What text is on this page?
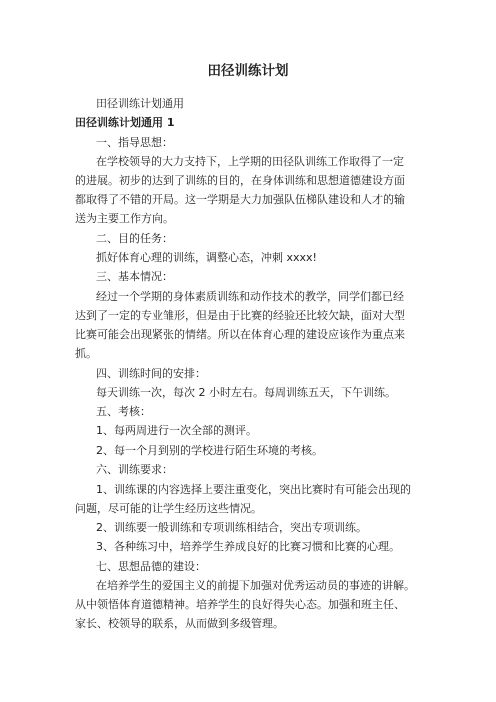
田径训练计划
田径训练计划通用
田径训练计划通用 1
一、指导思想：
在学校领导的大力支持下，上学期的田径队训练工作取得了一定
的进展。初步的达到了训练的目的，在身体训练和思想道德建设方面
都取得了不错的开局。这一学期是大力加强队伍梯队建设和人才的输
送为主要工作方向。
二、目的任务：
抓好体育心理的训练，调整心态，冲刺 xxxx!
三、基本情况：
经过一个学期的身体素质训练和动作技术的教学，同学们都已经
达到了一定的专业雏形，但是由于比赛的经验还比较欠缺，面对大型
比赛可能会出现紧张的情绪。所以在体育心理的建设应该作为重点来
抓。
四、训练时间的安排：
每天训练一次，每次 2 小时左右。每周训练五天，下午训练。
五、考核：
1、每两周进行一次全部的测评。
2、每一个月到别的学校进行陌生环境的考核。
六、训练要求：
1、训练课的内容选择上要注重变化，突出比赛时有可能会出现的
问题，尽可能的让学生经历这些情况。
2、训练要一般训练和专项训练相结合，突出专项训练。
3、各种练习中，培养学生养成良好的比赛习惯和比赛的心理。
七、思想品德的建设：
在培养学生的爱国主义的前提下加强对优秀运动员的事迹的讲解。
从中领悟体育道德精神。培养学生的良好得失心态。加强和班主任、
家长、校领导的联系，从而做到多级管理。
